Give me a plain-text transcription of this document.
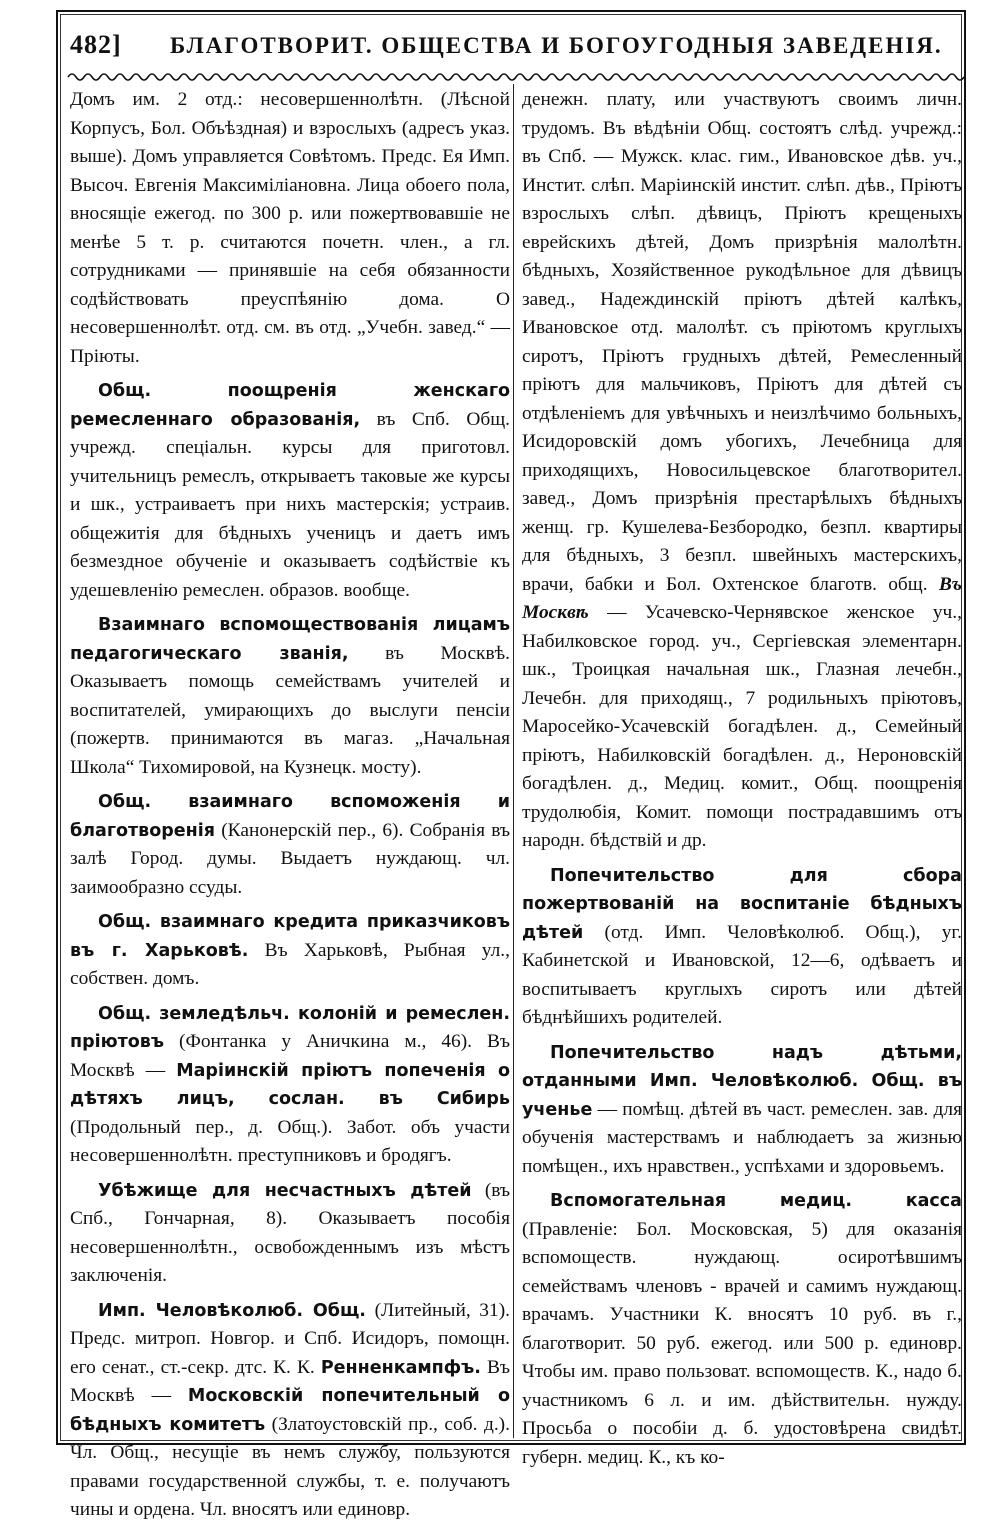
482]	БЛАГОТВОРИТ. ОБЩЕСТВА И БОГОУГОДНЫЯ ЗАВЕДЕНІЯ.

Домъ им. 2 отд.: несовершеннолѣтн. (Лѣсной Корпусъ, Бол. Объѣздная) и взрослыхъ (адресъ указ. выше). Домъ управляется Совѣтомъ. Предс. Ея Имп. Высоч. Евгенія Максиміліановна. Лица обоего пола, вносящіе ежегод. по 300 р. или пожертвовавшіе не менѣе 5 т. р. считаются почетн. член., а гл. сотрудниками — принявшіе на себя обязанности содѣйствовать преуспѣянію дома. О несовершеннолѣт. отд. см. въ отд. „Учебн. завед.“ — Пріюты.

Общ. поощренія женскаго ремесленнаго образованія, въ Спб. Общ. учрежд. спеціальн. курсы для приготовл. учительницъ ремеслъ, открываетъ таковые же курсы и шк., устраиваетъ при нихъ мастерскія; устраив. общежитія для бѣдныхъ ученицъ и даетъ имъ безмездное обученіе и оказываетъ содѣйствіе къ удешевленію ремеслен. образов. вообще.

Взаимнаго вспомоществованія лицамъ педагогическаго званія, въ Москвѣ. Оказываетъ помощь семействамъ учителей и воспитателей, умирающихъ до выслуги пенсіи (пожертв. принимаются въ магаз. „Начальная Школа“ Тихомировой, на Кузнецк. мосту).

Общ. взаимнаго вспоможенія и благотворенія (Канонерскій пер., 6). Собранія въ залѣ Город. думы. Выдаетъ нуждающ. чл. заимообразно ссуды.

Общ. взаимнаго кредита приказчиковъ въ г. Харьковѣ. Въ Харьковѣ, Рыбная ул., собствен. домъ.

Общ. земледѣльч. колоній и ремеслен. пріютовъ (Фонтанка у Аничкина м., 46). Въ Москвѣ — Маріинскій пріютъ попеченія о дѣтяхъ лицъ, сослан. въ Сибирь (Продольный пер., д. Общ.). Забот. объ участи несовершеннолѣтн. преступниковъ и бродягъ.

Убѣжище для несчастныхъ дѣтей (въ Спб., Гончарная, 8). Оказываетъ пособія несовершеннолѣтн., освобожденнымъ изъ мѣстъ заключенія.

Имп. Человѣколюб. Общ. (Литейный, 31). Предс. митроп. Новгор. и Спб. Исидоръ, помощн. его сенат., ст.-секр. дтс. К. К. Ренненкампфъ. Въ Москвѣ — Московскій попечительный о бѣдныхъ комитетъ (Златоустовскій пр., соб. д.). Чл. Общ., несущіе въ немъ службу, пользуются правами государственной службы, т. е. получаютъ чины и ордена. Чл. вносятъ или единовр.

денежн. плату, или участвуютъ своимъ личн. трудомъ. Въ вѣдѣніи Общ. состоятъ слѣд. учрежд.: въ Спб. — Мужск. клас. гим., Ивановское дѣв. уч., Инстит. слѣп. Маріинскій инстит. слѣп. дѣв., Пріютъ взрослыхъ слѣп. дѣвицъ, Пріютъ крещеныхъ еврейскихъ дѣтей, Домъ призрѣнія малолѣтн. бѣдныхъ, Хозяйственное рукодѣльное для дѣвицъ завед., Надеждинскій пріютъ дѣтей калѣкъ, Ивановское отд. малолѣт. съ пріютомъ круглыхъ сиротъ, Пріютъ грудныхъ дѣтей, Ремесленный пріютъ для мальчиковъ, Пріютъ для дѣтей съ отдѣленіемъ для увѣчныхъ и неизлѣчимо больныхъ, Исидоровскій домъ убогихъ, Лечебница для приходящихъ, Новосильцевское благотворител. завед., Домъ призрѣнія престарѣлыхъ бѣдныхъ женщ. гр. Кушелева-Безбородко, безпл. квартиры для бѣдныхъ, 3 безпл. швейныхъ мастерскихъ, врачи, бабки и Бол. Охтенское благотв. общ. Въ Москвѣ — Усачевско-Чернявское женское уч., Набилковское город. уч., Сергіевская элементарн. шк., Троицкая начальная шк., Глазная лечебн., Лечебн. для приходящ., 7 родильныхъ пріютовъ, Маросейко-Усачевскій богадѣлен. д., Семейный пріютъ, Набилковскій богадѣлен. д., Нероновскій богадѣлен. д., Медиц. комит., Общ. поощренія трудолюбія, Комит. помощи пострадавшимъ отъ народн. бѣдствій и др.

Попечительство для сбора пожертвованій на воспитаніе бѣдныхъ дѣтей (отд. Имп. Человѣколюб. Общ.), уг. Кабинетской и Ивановской, 12—6, одѣваетъ и воспитываетъ круглыхъ сиротъ или дѣтей бѣднѣйшихъ родителей.

Попечительство надъ дѣтьми, отданными Имп. Человѣколюб. Общ. въ ученье — помѣщ. дѣтей въ част. ремеслен. зав. для обученія мастерствамъ и наблюдаетъ за жизнью помѣщен., ихъ нравствен., успѣхами и здоровьемъ.

Вспомогательная медиц. касса (Правленіе: Бол. Московская, 5) для оказанія вспомоществ. нуждающ. осиротѣвшимъ семействамъ членовъ - врачей и самимъ нуждающ. врачамъ. Участники К. вносятъ 10 руб. въ г., благотворит. 50 руб. ежегод. или 500 р. единовр. Чтобы им. право пользоват. вспомоществ. К., надо б. участникомъ 6 л. и им. дѣйствительн. нужду. Просьба о пособіи д. б. удостовѣрена свидѣт. губерн. медиц. К., къ ко-
